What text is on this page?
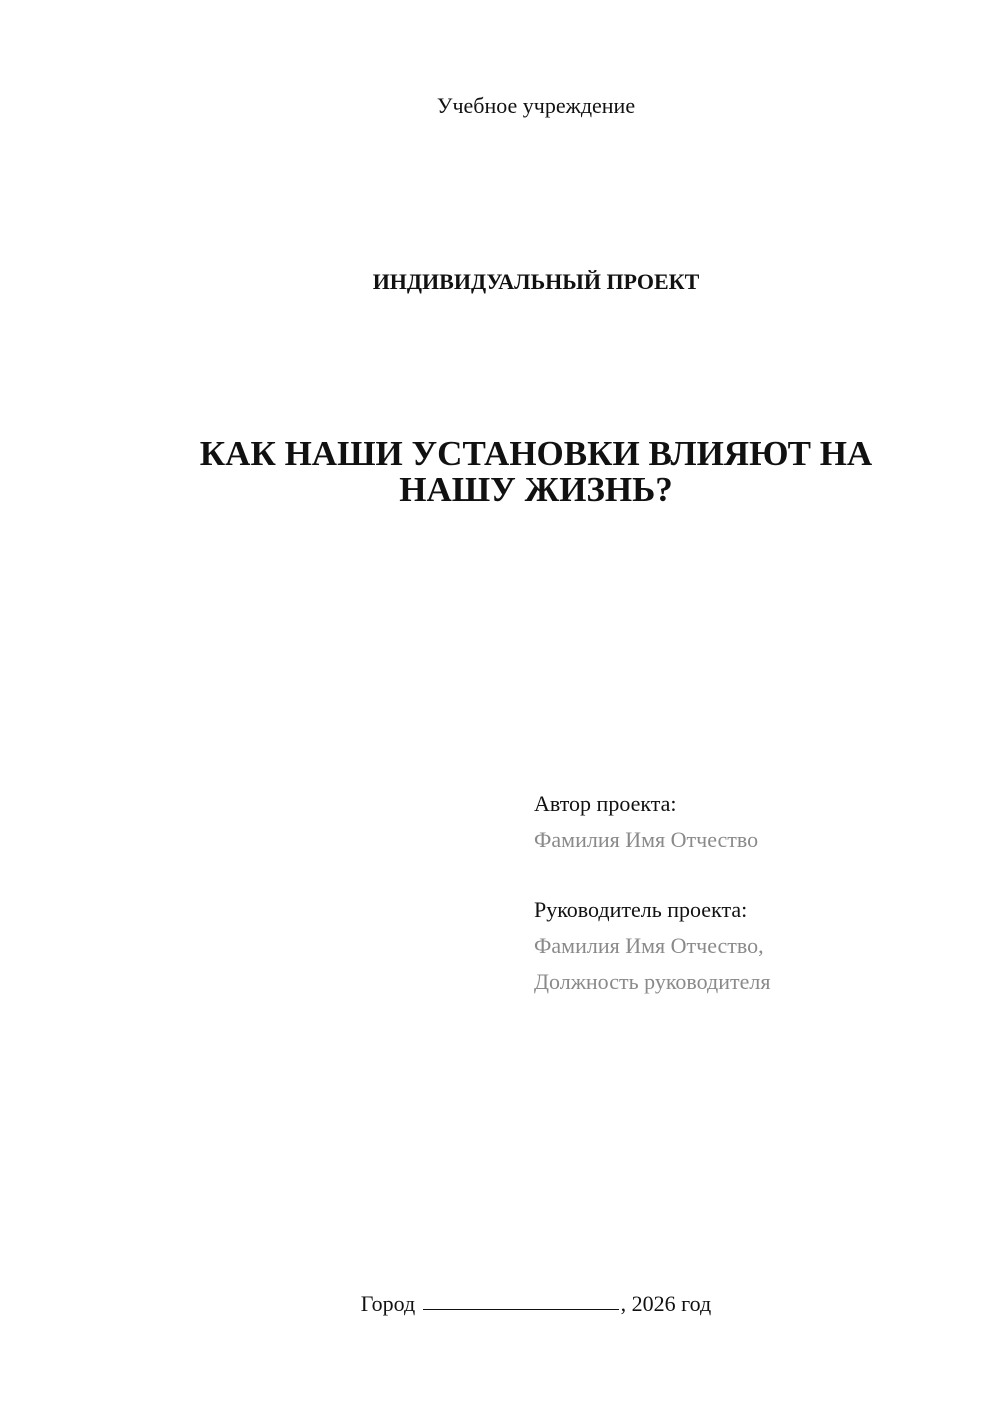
Учебное учреждение
ИНДИВИДУАЛЬНЫЙ ПРОЕКТ
КАК НАШИ УСТАНОВКИ ВЛИЯЮТ НА
НАШУ ЖИЗНЬ?
Автор проекта:
Фамилия Имя Отчество
Руководитель проекта:
Фамилия Имя Отчество,
Должность руководителя
Город	, 2026 год
